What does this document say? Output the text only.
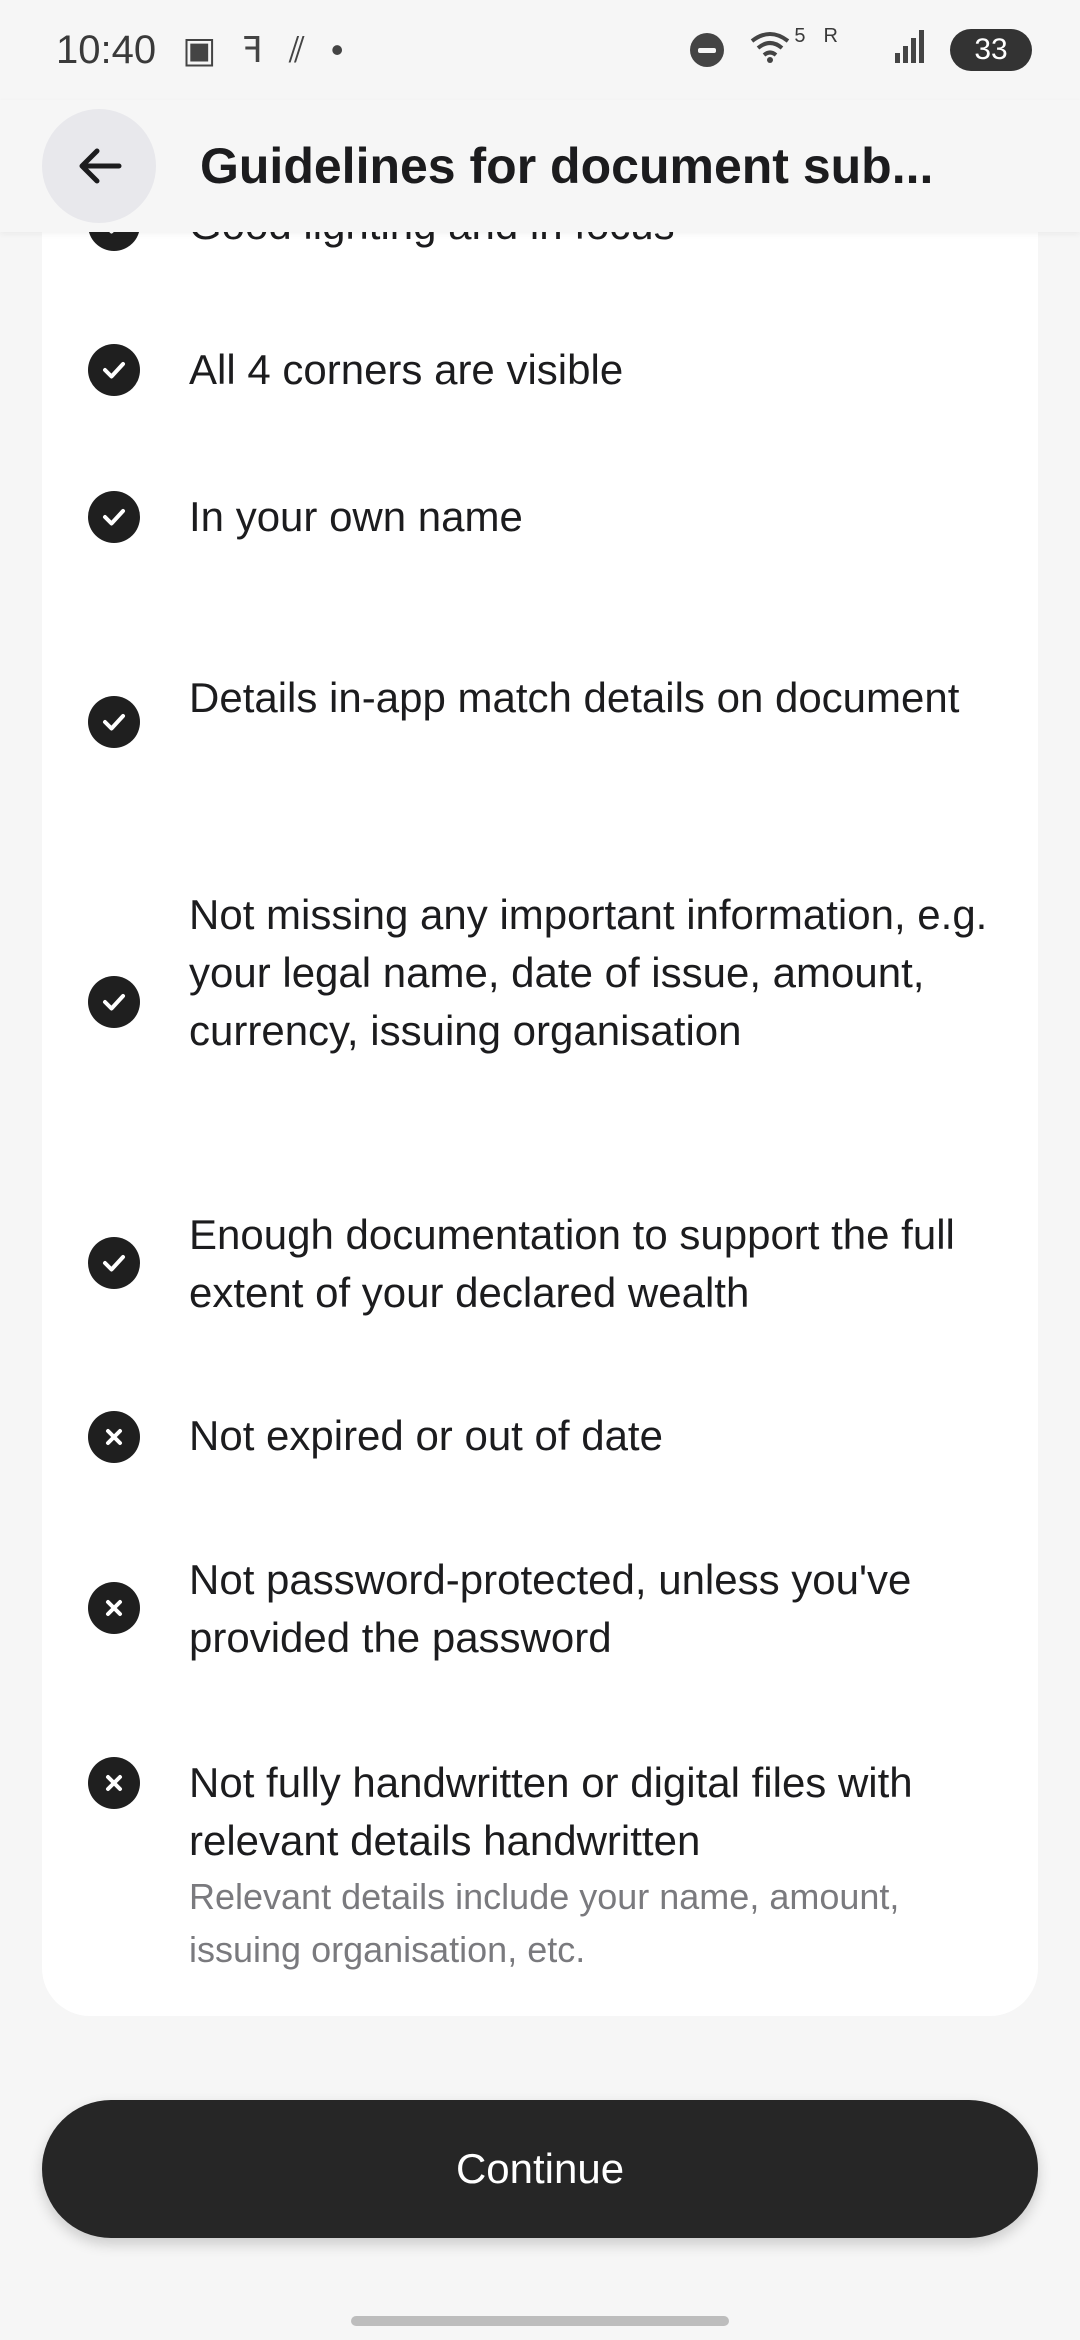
10:40 ▣ ꟻ ⫽ •	5 R	33
Guidelines for document sub...
All 4 corners are visible
In your own name
Details in-app match details on document
Not missing any important information, e.g. your legal name, date of issue, amount, currency, issuing organisation
Enough documentation to support the full extent of your declared wealth
Not expired or out of date
Not password-protected, unless you've provided the password
Not fully handwritten or digital files with relevant details handwritten
Relevant details include your name, amount, issuing organisation, etc.
Continue
